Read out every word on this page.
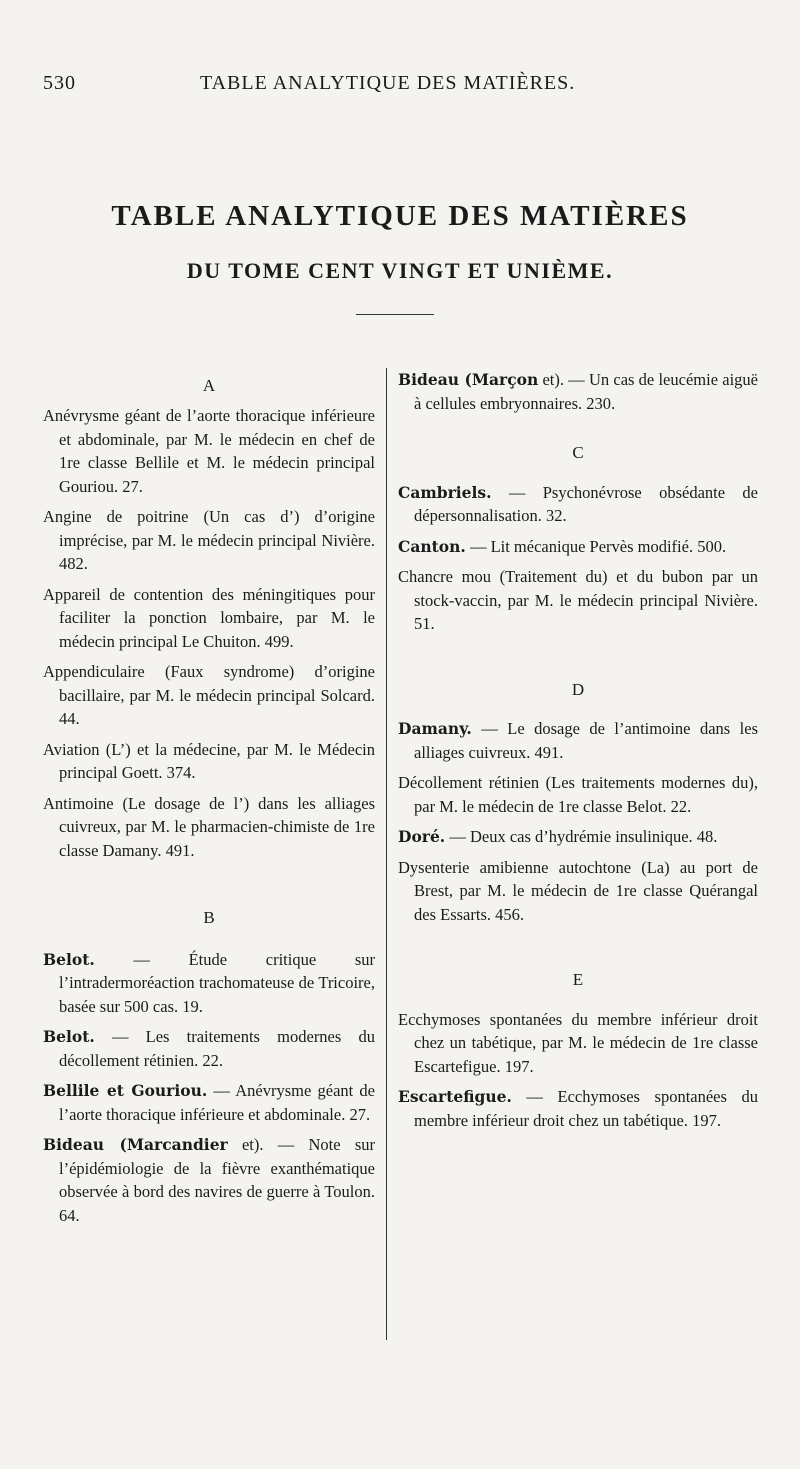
530	TABLE ANALYTIQUE DES MATIÈRES.
TABLE ANALYTIQUE DES MATIÈRES
DU TOME CENT VINGT ET UNIÈME.

A

Anévrysme géant de l’aorte thoracique inférieure et abdominale, par M. le médecin en chef de 1re classe Bellile et M. le médecin principal Gouriou. 27.

Angine de poitrine (Un cas d’) d’origine imprécise, par M. le médecin principal Nivière. 482.

Appareil de contention des méningitiques pour faciliter la ponction lombaire, par M. le médecin principal Le Chuiton. 499.

Appendiculaire (Faux syndrome) d’origine bacillaire, par M. le médecin principal Solcard. 44.

Aviation (L’) et la médecine, par M. le Médecin principal Goett. 374.

Antimoine (Le dosage de l’) dans les alliages cuivreux, par M. le pharmacien-chimiste de 1re classe Damany. 491.

B

Belot. — Étude critique sur l’intradermoréaction trachomateuse de Tricoire, basée sur 500 cas. 19.

Belot. — Les traitements modernes du décollement rétinien. 22.

Bellile et Gouriou. — Anévrysme géant de l’aorte thoracique inférieure et abdominale. 27.

Bideau (Marcandier et). — Note sur l’épidémiologie de la fièvre exanthématique observée à bord des navires de guerre à Toulon. 64.

Bideau (Marçon et). — Un cas de leucémie aiguë à cellules embryonnaires. 230.

C

Cambriels. — Psychonévrose obsédante de dépersonnalisation. 32.

Canton. — Lit mécanique Pervès modifié. 500.

Chancre mou (Traitement du) et du bubon par un stock-vaccin, par M. le médecin principal Nivière. 51.

D

Damany. — Le dosage de l’antimoine dans les alliages cuivreux. 491.

Décollement rétinien (Les traitements modernes du), par M. le médecin de 1re classe Belot. 22.

Doré. — Deux cas d’hydrémie insulinique. 48.

Dysenterie amibienne autochtone (La) au port de Brest, par M. le médecin de 1re classe Quérangal des Essarts. 456.

E

Ecchymoses spontanées du membre inférieur droit chez un tabétique, par M. le médecin de 1re classe Escartefigue. 197.

Escartefigue. — Ecchymoses spontanées du membre inférieur droit chez un tabétique. 197.
